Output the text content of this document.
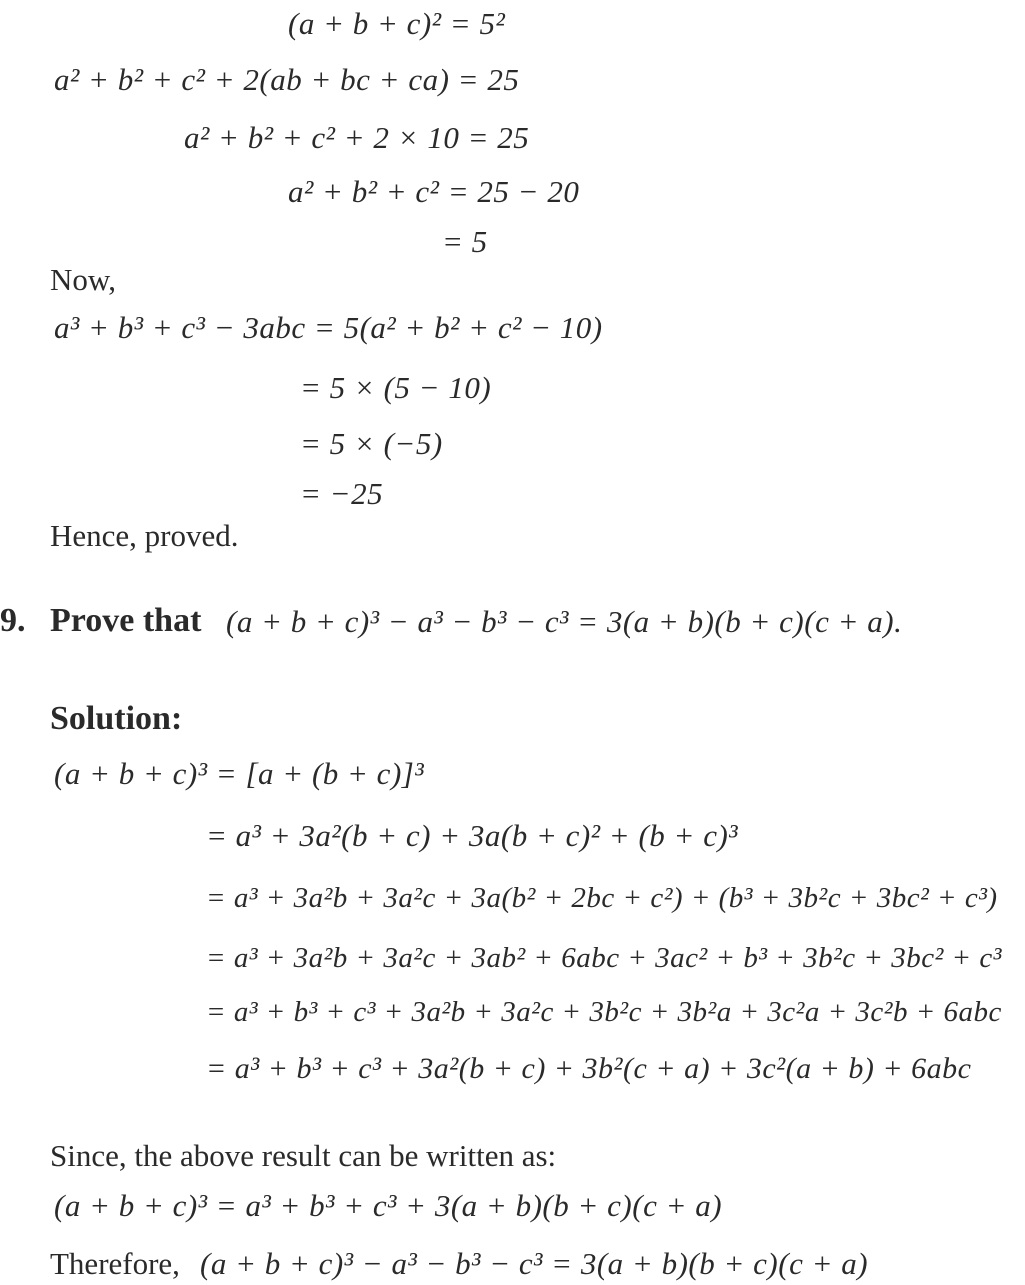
(a + b + c)² = 5²
a² + b² + c² + 2(ab + bc + ca) = 25
a² + b² + c² + 2 × 10 = 25
a² + b² + c² = 25 − 20
= 5
Now,
a³ + b³ + c³ − 3abc = 5(a² + b² + c² − 10)
= 5 × (5 − 10)
= 5 × (−5)
= −25
Hence, proved.
9. Prove that (a + b + c)³ − a³ − b³ − c³ = 3(a + b)(b + c)(c + a).
Solution:
(a + b + c)³ = [a + (b + c)]³
= a³ + 3a²(b + c) + 3a(b + c)² + (b + c)³
= a³ + 3a²b + 3a²c + 3a(b² + 2bc + c²) + (b³ + 3b²c + 3bc² + c³)
= a³ + 3a²b + 3a²c + 3ab² + 6abc + 3ac² + b³ + 3b²c + 3bc² + c³
= a³ + b³ + c³ + 3a²b + 3a²c + 3b²c + 3b²a + 3c²a + 3c²b + 6abc
= a³ + b³ + c³ + 3a²(b + c) + 3b²(c + a) + 3c²(a + b) + 6abc
Since, the above result can be written as:
(a + b + c)³ = a³ + b³ + c³ + 3(a + b)(b + c)(c + a)
Therefore, (a + b + c)³ − a³ − b³ − c³ = 3(a + b)(b + c)(c + a)
